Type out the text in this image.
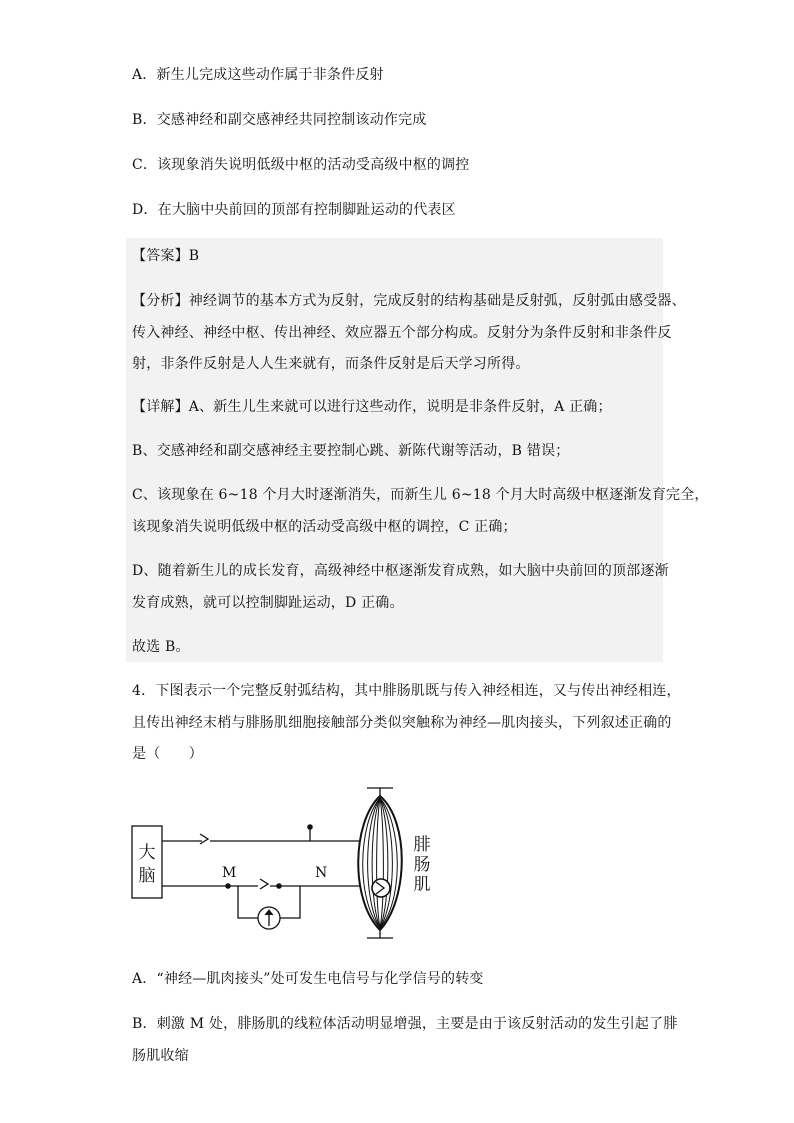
A．新生儿完成这些动作属于非条件反射
B．交感神经和副交感神经共同控制该动作完成
C．该现象消失说明低级中枢的活动受高级中枢的调控
D．在大脑中央前回的顶部有控制脚趾运动的代表区
【答案】B
【分析】神经调节的基本方式为反射，完成反射的结构基础是反射弧，反射弧由感受器、
传入神经、神经中枢、传出神经、效应器五个部分构成。反射分为条件反射和非条件反
射，非条件反射是人人生来就有，而条件反射是后天学习所得。
【详解】A、新生儿生来就可以进行这些动作，说明是非条件反射，A 正确；
B、交感神经和副交感神经主要控制心跳、新陈代谢等活动，B 错误；
C、该现象在 6~18 个月大时逐渐消失，而新生儿 6~18 个月大时高级中枢逐渐发育完全，
该现象消失说明低级中枢的活动受高级中枢的调控，C 正确；
D、随着新生儿的成长发育，高级神经中枢逐渐发育成熟，如大脑中央前回的顶部逐渐
发育成熟，就可以控制脚趾运动，D 正确。
故选 B。
4．下图表示一个完整反射弧结构，其中腓肠肌既与传入神经相连，又与传出神经相连，
且传出神经末梢与腓肠肌细胞接触部分类似突触称为神经—肌肉接头，下列叙述正确的
是（　　）
大
脑	M	N
腓
肠
肌
A．“神经—肌肉接头”处可发生电信号与化学信号的转变
B．刺激 M 处，腓肠肌的线粒体活动明显增强，主要是由于该反射活动的发生引起了腓
肠肌收缩
